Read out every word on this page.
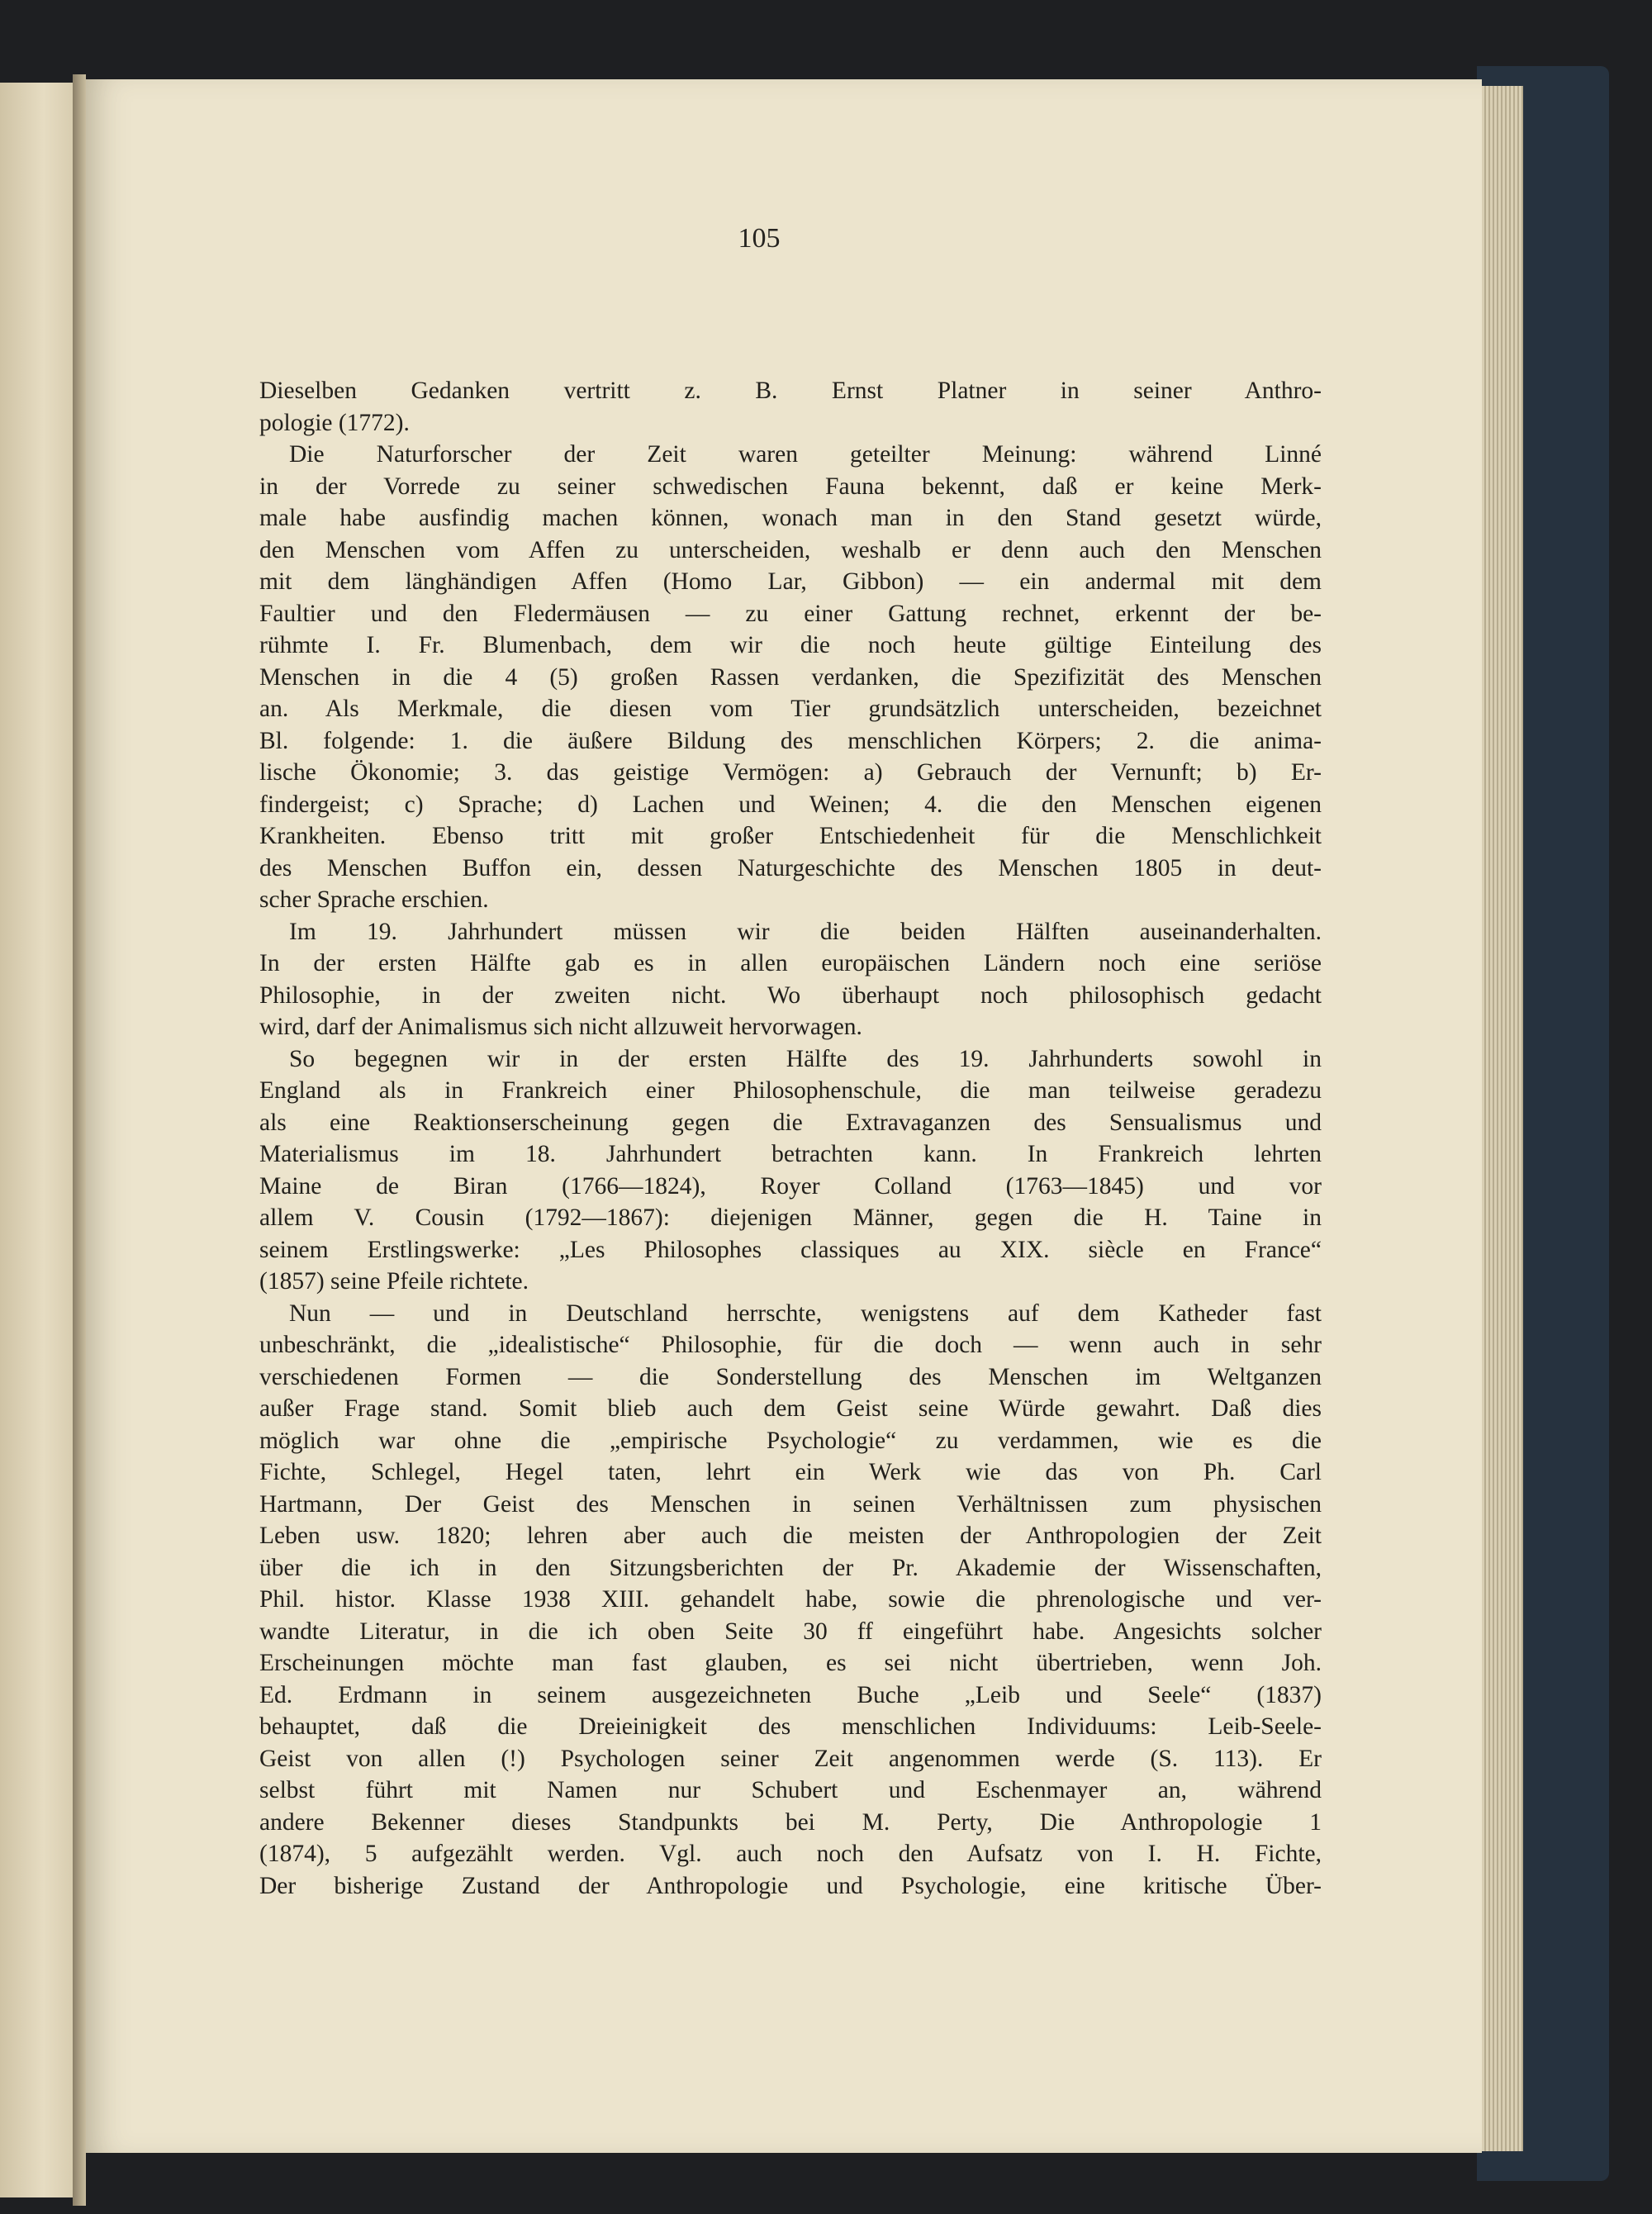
105
Dieselben Gedanken vertritt z. B. Ernst Platner in seiner Anthro-
pologie (1772).
Die Naturforscher der Zeit waren geteilter Meinung: während Linné
in der Vorrede zu seiner schwedischen Fauna bekennt, daß er keine Merk-
male habe ausfindig machen können, wonach man in den Stand gesetzt würde,
den Menschen vom Affen zu unterscheiden, weshalb er denn auch den Menschen
mit dem länghändigen Affen (Homo Lar, Gibbon) — ein andermal mit dem
Faultier und den Fledermäusen — zu einer Gattung rechnet, erkennt der be-
rühmte I. Fr. Blumenbach, dem wir die noch heute gültige Einteilung des
Menschen in die 4 (5) großen Rassen verdanken, die Spezifizität des Menschen
an. Als Merkmale, die diesen vom Tier grundsätzlich unterscheiden, bezeichnet
Bl. folgende: 1. die äußere Bildung des menschlichen Körpers; 2. die anima-
lische Ökonomie; 3. das geistige Vermögen: a) Gebrauch der Vernunft; b) Er-
findergeist; c) Sprache; d) Lachen und Weinen; 4. die den Menschen eigenen
Krankheiten. Ebenso tritt mit großer Entschiedenheit für die Menschlichkeit
des Menschen Buffon ein, dessen Naturgeschichte des Menschen 1805 in deut-
scher Sprache erschien.
Im 19. Jahrhundert müssen wir die beiden Hälften auseinanderhalten.
In der ersten Hälfte gab es in allen europäischen Ländern noch eine seriöse
Philosophie, in der zweiten nicht. Wo überhaupt noch philosophisch gedacht
wird, darf der Animalismus sich nicht allzuweit hervorwagen.
So begegnen wir in der ersten Hälfte des 19. Jahrhunderts sowohl in
England als in Frankreich einer Philosophenschule, die man teilweise geradezu
als eine Reaktionserscheinung gegen die Extravaganzen des Sensualismus und
Materialismus im 18. Jahrhundert betrachten kann. In Frankreich lehrten
Maine de Biran (1766—1824), Royer Colland (1763—1845) und vor
allem V. Cousin (1792—1867): diejenigen Männer, gegen die H. Taine in
seinem Erstlingswerke: „Les Philosophes classiques au XIX. siècle en France“
(1857) seine Pfeile richtete.
Nun — und in Deutschland herrschte, wenigstens auf dem Katheder fast
unbeschränkt, die „idealistische“ Philosophie, für die doch — wenn auch in sehr
verschiedenen Formen — die Sonderstellung des Menschen im Weltganzen
außer Frage stand. Somit blieb auch dem Geist seine Würde gewahrt. Daß dies
möglich war ohne die „empirische Psychologie“ zu verdammen, wie es die
Fichte, Schlegel, Hegel taten, lehrt ein Werk wie das von Ph. Carl
Hartmann, Der Geist des Menschen in seinen Verhältnissen zum physischen
Leben usw. 1820; lehren aber auch die meisten der Anthropologien der Zeit
über die ich in den Sitzungsberichten der Pr. Akademie der Wissenschaften,
Phil. histor. Klasse 1938 XIII. gehandelt habe, sowie die phrenologische und ver-
wandte Literatur, in die ich oben Seite 30 ff eingeführt habe. Angesichts solcher
Erscheinungen möchte man fast glauben, es sei nicht übertrieben, wenn Joh.
Ed. Erdmann in seinem ausgezeichneten Buche „Leib und Seele“ (1837)
behauptet, daß die Dreieinigkeit des menschlichen Individuums: Leib-Seele-
Geist von allen (!) Psychologen seiner Zeit angenommen werde (S. 113). Er
selbst führt mit Namen nur Schubert und Eschenmayer an, während
andere Bekenner dieses Standpunkts bei M. Perty, Die Anthropologie 1
(1874), 5 aufgezählt werden. Vgl. auch noch den Aufsatz von I. H. Fichte,
Der bisherige Zustand der Anthropologie und Psychologie, eine kritische Über-
